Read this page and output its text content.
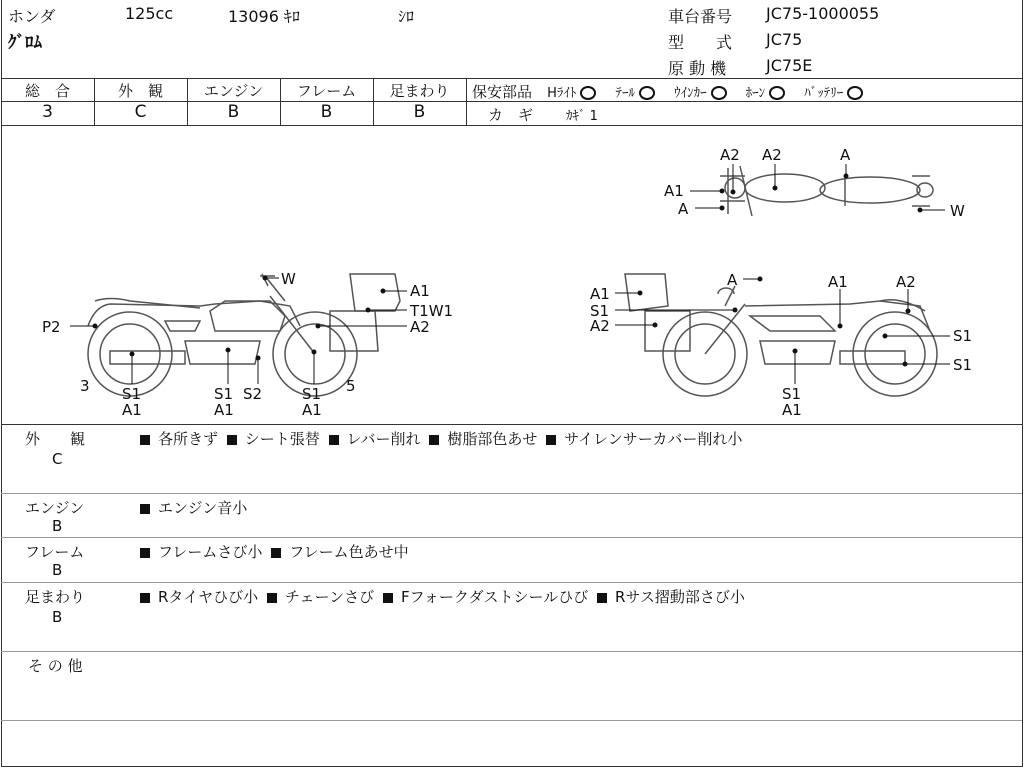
ホンダ	125cc	13096 ｷﾛ	ｼﾛ
ｸﾞﾛﾑ
車台番号 JC75-1000055
型　　式 JC75
原 動 機 JC75E
総　合
3
外　観
C
エンジン
B
フレーム
B
足まわり
B
保安部品 Hﾗｲﾄ	ﾃｰﾙ	ｳｲﾝｶｰ	ﾎｰﾝ	ﾊﾞｯﾃﾘｰ
カ　ギ	ｶｷﾞ 1
W
A1
T1W1
A2
P2
3	5
S1
A1
S1 S2
A1
S1
A1
A	A1	A2
A1
S1
A2
S1
S1
S1
A1
A2 A2	A
A1
A	W
外　　観
C
各所きず シート張替 レバー削れ 樹脂部色あせ サイレンサーカバー削れ小
エンジン
B
エンジン音小
フレーム
B
フレームさび小 フレーム色あせ中
足まわり
B
Rタイヤひび小 チェーンさび Fフォークダストシールひび Rサス摺動部さび小
そ の 他
